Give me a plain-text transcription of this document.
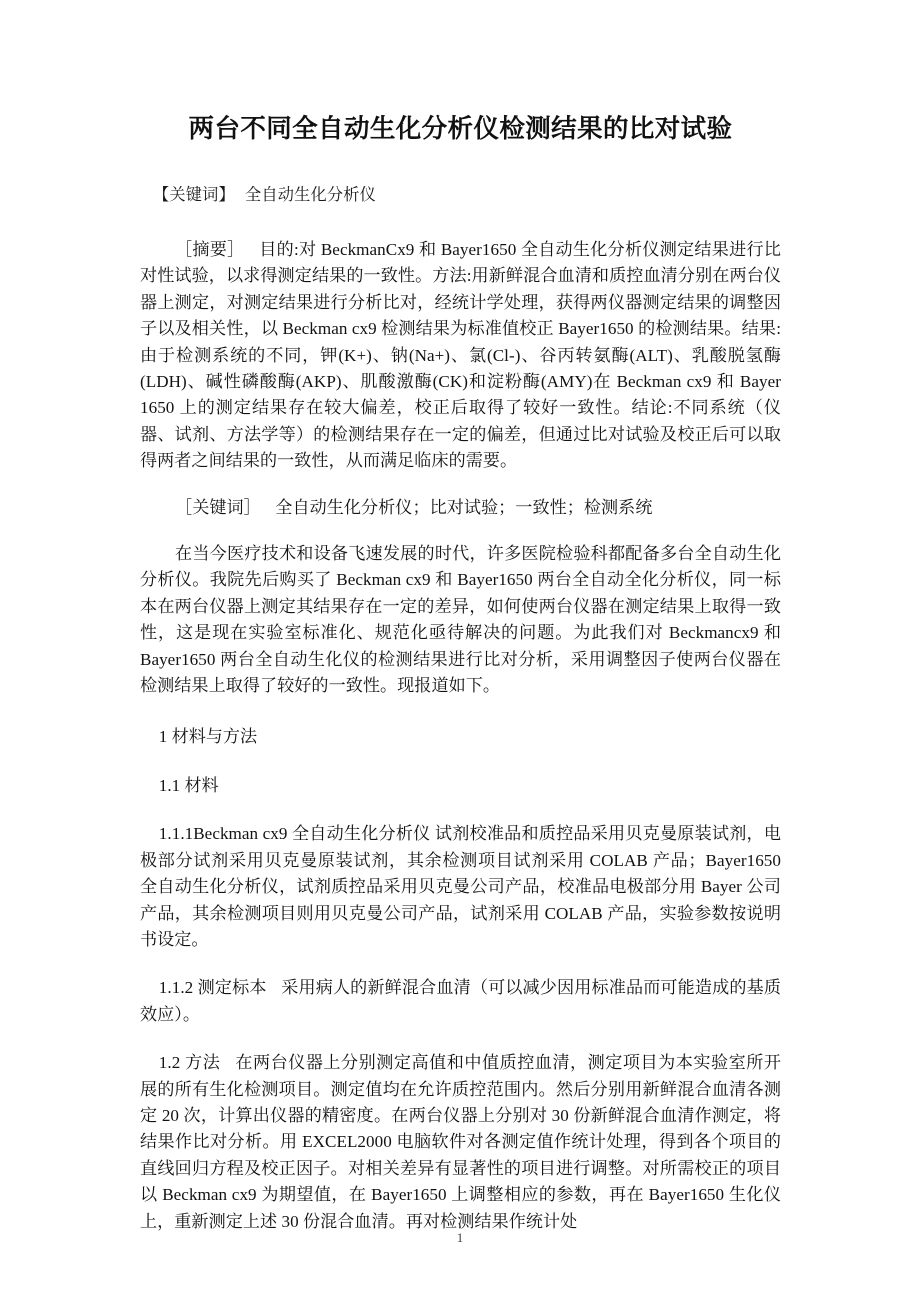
两台不同全自动生化分析仪检测结果的比对试验

【关键词】 全自动生化分析仪

［摘要］ 目的:对 BeckmanCx9 和 Bayer1650 全自动生化分析仪测定结果进行比对性试验，以求得测定结果的一致性。方法:用新鲜混合血清和质控血清分别在两台仪器上测定，对测定结果进行分析比对，经统计学处理，获得两仪器测定结果的调整因子以及相关性，以 Beckman cx9 检测结果为标准值校正 Bayer1650 的检测结果。结果:由于检测系统的不同，钾(K+)、钠(Na+)、氯(Cl-)、谷丙转氨酶(ALT)、乳酸脱氢酶(LDH)、碱性磷酸酶(AKP)、肌酸激酶(CK)和淀粉酶(AMY)在 Beckman cx9 和 Bayer 1650 上的测定结果存在较大偏差，校正后取得了较好一致性。结论:不同系统（仪器、试剂、方法学等）的检测结果存在一定的偏差，但通过比对试验及校正后可以取得两者之间结果的一致性，从而满足临床的需要。

［关键词］ 全自动生化分析仪；比对试验；一致性；检测系统

在当今医疗技术和设备飞速发展的时代，许多医院检验科都配备多台全自动生化分析仪。我院先后购买了 Beckman cx9 和 Bayer1650 两台全自动全化分析仪，同一标本在两台仪器上测定其结果存在一定的差异，如何使两台仪器在测定结果上取得一致性，这是现在实验室标准化、规范化亟待解决的问题。为此我们对 Beckmancx9 和 Bayer1650 两台全自动生化仪的检测结果进行比对分析，采用调整因子使两台仪器在检测结果上取得了较好的一致性。现报道如下。

1 材料与方法

1.1 材料

1.1.1Beckman cx9 全自动生化分析仪 试剂校准品和质控品采用贝克曼原装试剂，电极部分试剂采用贝克曼原装试剂，其余检测项目试剂采用 COLAB 产品；Bayer1650 全自动生化分析仪，试剂质控品采用贝克曼公司产品，校准品电极部分用 Bayer 公司产品，其余检测项目则用贝克曼公司产品，试剂采用 COLAB 产品，实验参数按说明书设定。

1.1.2 测定标本 采用病人的新鲜混合血清（可以减少因用标准品而可能造成的基质效应）。

1.2 方法 在两台仪器上分别测定高值和中值质控血清，测定项目为本实验室所开展的所有生化检测项目。测定值均在允许质控范围内。然后分别用新鲜混合血清各测定 20 次，计算出仪器的精密度。在两台仪器上分别对 30 份新鲜混合血清作测定，将结果作比对分析。用 EXCEL2000 电脑软件对各测定值作统计处理，得到各个项目的直线回归方程及校正因子。对相关差异有显著性的项目进行调整。对所需校正的项目 以 Beckman cx9 为期望值，在 Bayer1650 上调整相应的参数，再在 Bayer1650 生化仪上，重新测定上述 30 份混合血清。再对检测结果作统计处

1
